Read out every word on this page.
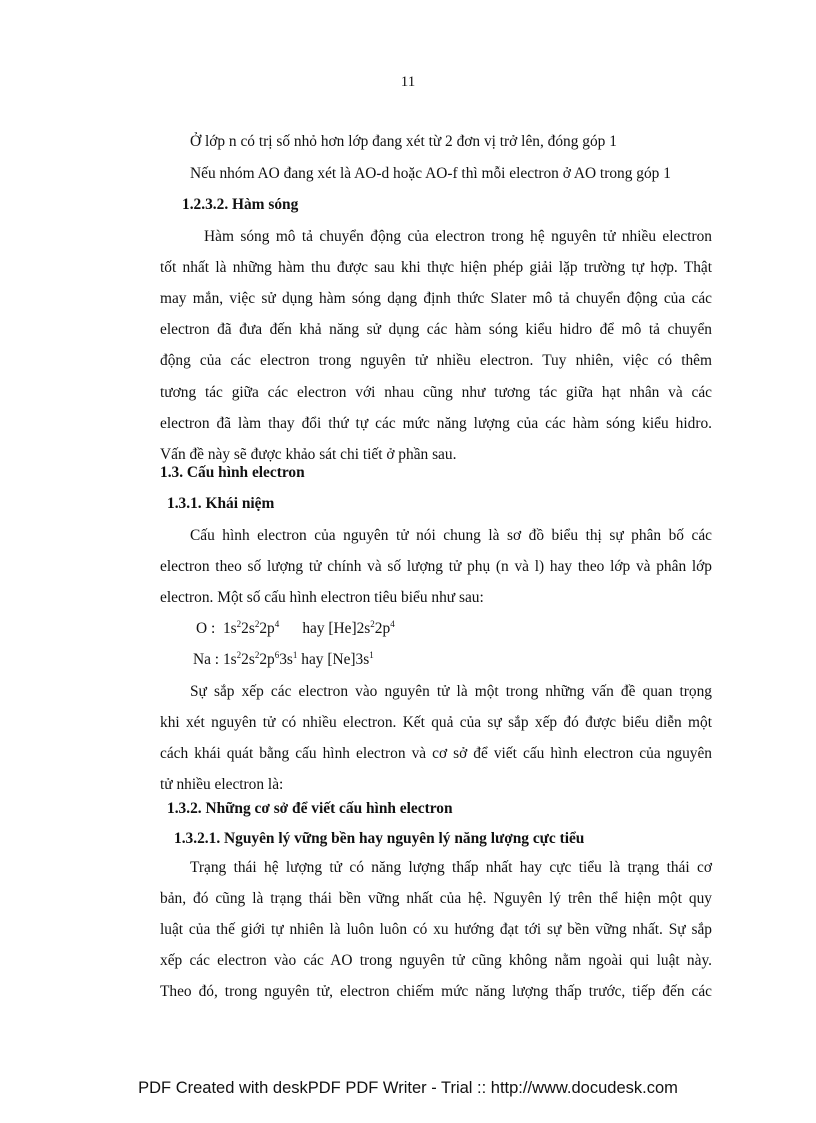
11
Ở lớp n có trị số nhỏ hơn lớp đang xét từ 2 đơn vị trở lên, đóng góp 1
Nếu nhóm AO đang xét là AO-d hoặc AO-f thì mỗi electron ở AO trong góp 1
1.2.3.2. Hàm sóng
Hàm sóng mô tả chuyển động của electron trong hệ nguyên tử nhiều electron
tốt nhất là những hàm thu được sau khi thực hiện phép giải lặp trường tự hợp. Thật
may mắn, việc sử dụng hàm sóng dạng định thức Slater mô tả chuyển động của các
electron đã đưa đến khả năng sử dụng các hàm sóng kiểu hidro để mô tả chuyển
động của các electron trong nguyên tử nhiều electron. Tuy nhiên, việc có thêm
tương tác giữa các electron với nhau cũng như tương tác giữa hạt nhân và các
electron đã làm thay đổi thứ tự các mức năng lượng của các hàm sóng kiểu hidro.
Vấn đề này sẽ được khảo sát chi tiết ở phần sau.
1.3. Cấu hình electron
1.3.1. Khái niệm
Cấu hình electron của nguyên tử nói chung là sơ đồ biểu thị sự phân bố các
electron theo số lượng tử chính và số lượng tử phụ (n và l) hay theo lớp và phân lớp
electron. Một số cấu hình electron tiêu biểu như sau:
O : $1s^22s^22p^4$ hay $[He]2s^22p^4$
Na : $1s^22s^22p^63s^1$ hay $[Ne]3s^1$
Sự sắp xếp các electron vào nguyên tử là một trong những vấn đề quan trọng
khi xét nguyên tử có nhiều electron. Kết quả của sự sắp xếp đó được biểu diễn một
cách khái quát bằng cấu hình electron và cơ sở để viết cấu hình electron của nguyên
tử nhiều electron là:
1.3.2. Những cơ sở để viết cấu hình electron
1.3.2.1. Nguyên lý vững bền hay nguyên lý năng lượng cực tiểu
Trạng thái hệ lượng tử có năng lượng thấp nhất hay cực tiểu là trạng thái cơ
bản, đó cũng là trạng thái bền vững nhất của hệ. Nguyên lý trên thể hiện một quy
luật của thế giới tự nhiên là luôn luôn có xu hướng đạt tới sự bền vững nhất. Sự sắp
xếp các electron vào các AO trong nguyên tử cũng không nằm ngoài qui luật này.
Theo đó, trong nguyên tử, electron chiếm mức năng lượng thấp trước, tiếp đến các
PDF Created with deskPDF PDF Writer - Trial :: http://www.docudesk.com
